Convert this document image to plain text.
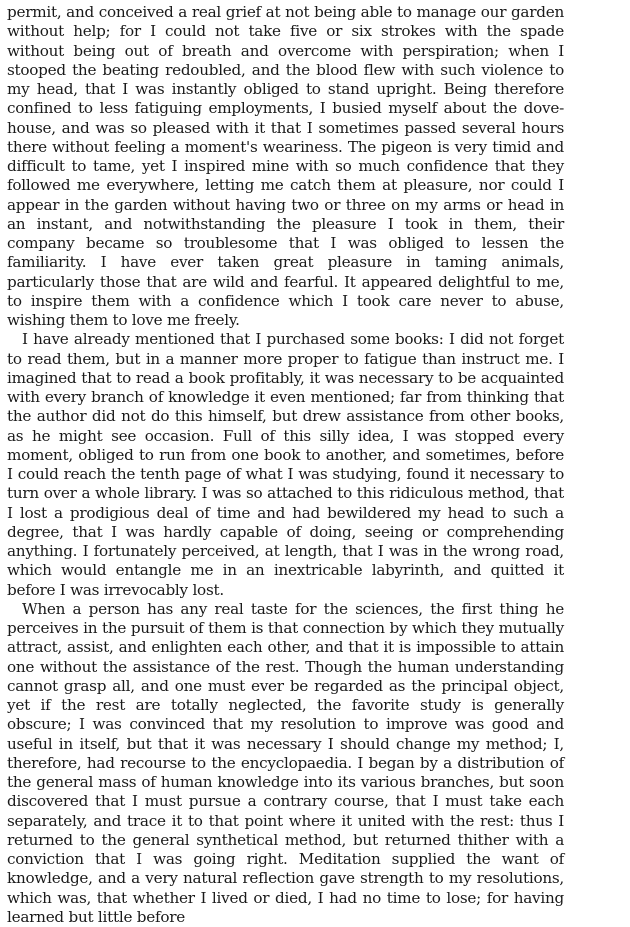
permit, and conceived a real grief at not being able to manage our garden without help; for I could not take five or six strokes with the spade without being out of breath and overcome with perspiration; when I stooped the beating redoubled, and the blood flew with such violence to my head, that I was instantly obliged to stand upright. Being therefore confined to less fatiguing employments, I busied myself about the dove-house, and was so pleased with it that I sometimes passed several hours there without feeling a moment's weariness. The pigeon is very timid and difficult to tame, yet I inspired mine with so much confidence that they followed me everywhere, letting me catch them at pleasure, nor could I appear in the garden without having two or three on my arms or head in an instant, and notwithstanding the pleasure I took in them, their company became so troublesome that I was obliged to lessen the familiarity. I have ever taken great pleasure in taming animals, particularly those that are wild and fearful. It appeared delightful to me, to inspire them with a confidence which I took care never to abuse, wishing them to love me freely.

I have already mentioned that I purchased some books: I did not forget to read them, but in a manner more proper to fatigue than instruct me. I imagined that to read a book profitably, it was necessary to be acquainted with every branch of knowledge it even mentioned; far from thinking that the author did not do this himself, but drew assistance from other books, as he might see occasion. Full of this silly idea, I was stopped every moment, obliged to run from one book to another, and sometimes, before I could reach the tenth page of what I was studying, found it necessary to turn over a whole library. I was so attached to this ridiculous method, that I lost a prodigious deal of time and had bewildered my head to such a degree, that I was hardly capable of doing, seeing or comprehending anything. I fortunately perceived, at length, that I was in the wrong road, which would entangle me in an inextricable labyrinth, and quitted it before I was irrevocably lost.

When a person has any real taste for the sciences, the first thing he perceives in the pursuit of them is that connection by which they mutually attract, assist, and enlighten each other, and that it is impossible to attain one without the assistance of the rest. Though the human understanding cannot grasp all, and one must ever be regarded as the principal object, yet if the rest are totally neglected, the favorite study is generally obscure; I was convinced that my resolution to improve was good and useful in itself, but that it was necessary I should change my method; I, therefore, had recourse to the encyclopaedia. I began by a distribution of the general mass of human knowledge into its various branches, but soon discovered that I must pursue a contrary course, that I must take each separately, and trace it to that point where it united with the rest: thus I returned to the general synthetical method, but returned thither with a conviction that I was going right. Meditation supplied the want of knowledge, and a very natural reflection gave strength to my resolutions, which was, that whether I lived or died, I had no time to lose; for having learned but little before
